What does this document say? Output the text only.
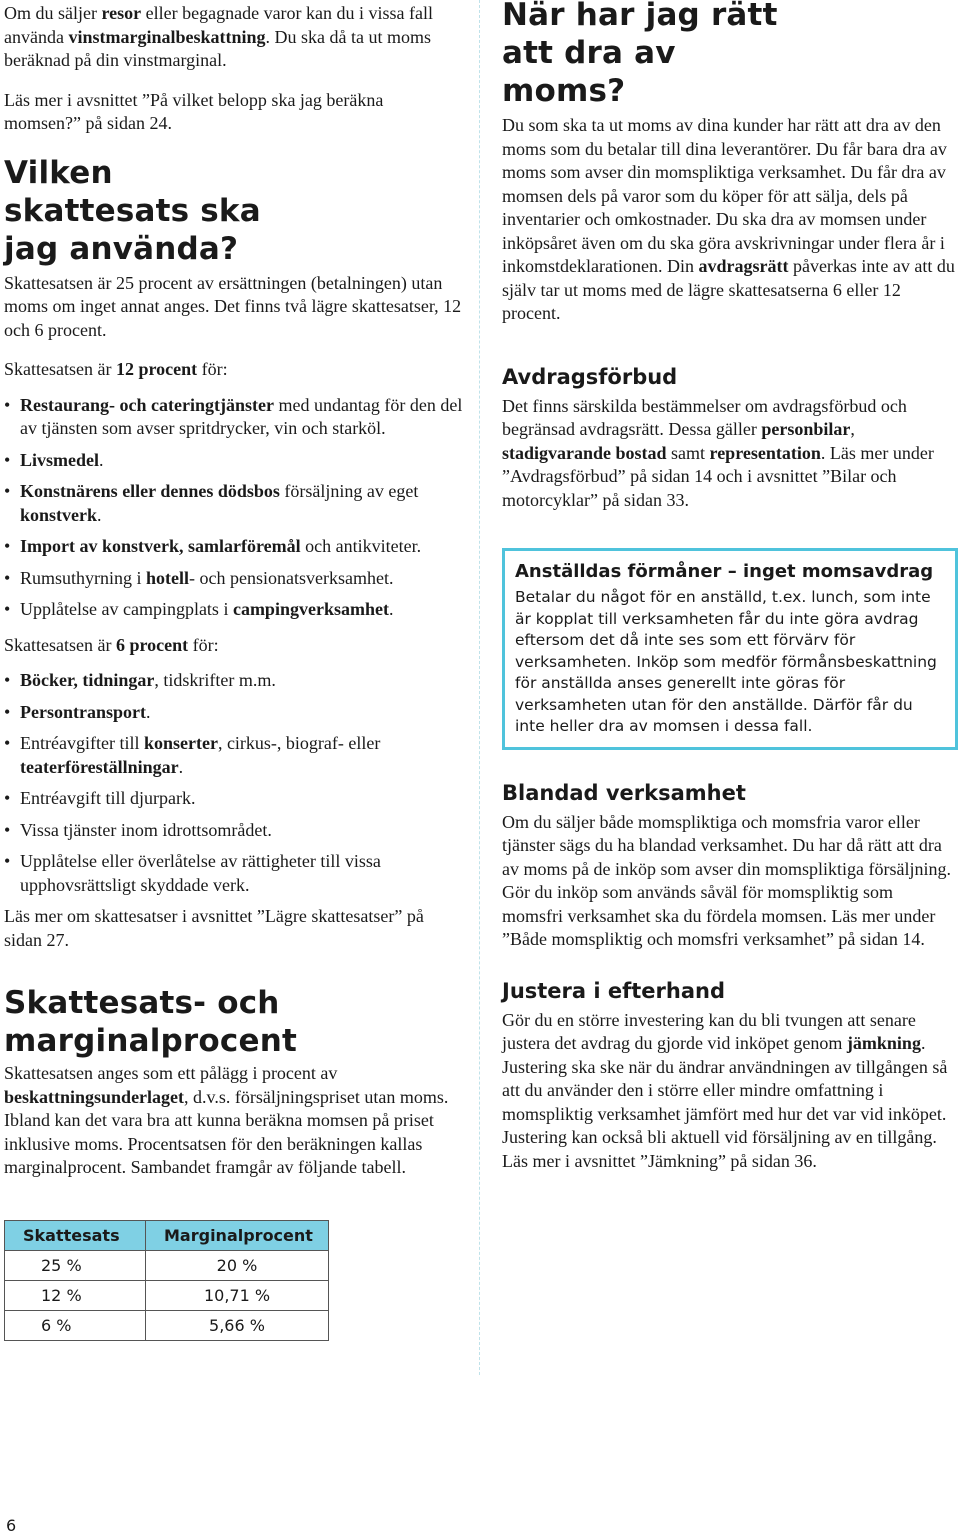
Om du säljer resor eller begagnade varor kan du i vissa fall använda vinstmarginalbeskattning. Du ska då ta ut moms beräknad på din vinstmarginal.

Läs mer i avsnittet ”På vilket belopp ska jag beräkna momsen?” på sidan 24.

Vilken skattesats ska jag använda?

Skattesatsen är 25 procent av ersättningen (betalningen) utan moms om inget annat anges. Det finns två lägre skattesatser, 12 och 6 procent.

Skattesatsen är 12 procent för:

• Restaurang- och cateringtjänster med undantag för den del av tjänsten som avser spritdrycker, vin och starköl.
• Livsmedel.
• Konstnärens eller dennes dödsbos försäljning av eget konstverk.
• Import av konstverk, samlarföremål och antikviteter.
• Rumsuthyrning i hotell- och pensionatsverksamhet.
• Upplåtelse av campingplats i campingverksamhet.

Skattesatsen är 6 procent för:

• Böcker, tidningar, tidskrifter m.m.
• Persontransport.
• Entréavgifter till konserter, cirkus-, biograf- eller teaterföreställningar.
• Entréavgift till djurpark.
• Vissa tjänster inom idrottsområdet.
• Upplåtelse eller överlåtelse av rättigheter till vissa upphovsrättsligt skyddade verk.

Läs mer om skattesatser i avsnittet ”Lägre skattesatser” på sidan 27.

Skattesats- och marginalprocent

Skattesatsen anges som ett pålägg i procent av beskattningsunderlaget, d.v.s. försäljningspriset utan moms. Ibland kan det vara bra att kunna beräkna momsen på priset inklusive moms. Procentsatsen för den beräkningen kallas marginalprocent. Sambandet framgår av följande tabell.

Skattesats	Marginalprocent
25 %	20 %
12 %	10,71 %
6 %	5,66 %
När har jag rätt att dra av moms?

Du som ska ta ut moms av dina kunder har rätt att dra av den moms som du betalar till dina leverantörer. Du får bara dra av moms som avser din momspliktiga verksamhet. Du får dra av momsen dels på varor som du köper för att sälja, dels på inventarier och omkostnader. Du ska dra av momsen under inköpsåret även om du ska göra avskrivningar under flera år i inkomstdeklarationen. Din avdragsrätt påverkas inte av att du själv tar ut moms med de lägre skattesatserna 6 eller 12 procent.

Avdragsförbud

Det finns särskilda bestämmelser om avdragsförbud och begränsad avdragsrätt. Dessa gäller personbilar, stadigvarande bostad samt representation. Läs mer under ”Avdragsförbud” på sidan 14 och i avsnittet ”Bilar och motorcyklar” på sidan 33.

Anställdas förmåner – inget momsavdrag
Betalar du något för en anställd, t.ex. lunch, som inte är kopplat till verksamheten får du inte göra avdrag eftersom det då inte ses som ett förvärv för verksamheten. Inköp som medför förmånsbeskattning för anställda anses generellt inte göras för verksamheten utan för den anställde. Därför får du inte heller dra av momsen i dessa fall.
Blandad verksamhet

Om du säljer både momspliktiga och momsfria varor eller tjänster sägs du ha blandad verksamhet. Du har då rätt att dra av moms på de inköp som avser din momspliktiga försäljning. Gör du inköp som används såväl för momspliktig som momsfri verksamhet ska du fördela momsen. Läs mer under ”Både momspliktig och momsfri verksamhet” på sidan 14.

Justera i efterhand

Gör du en större investering kan du bli tvungen att senare justera det avdrag du gjorde vid inköpet genom jämkning. Justering ska ske när du ändrar användningen av tillgången så att du använder den i större eller mindre omfattning i momspliktig verksamhet jämfört med hur det var vid inköpet. Justering kan också bli aktuell vid försäljning av en tillgång. Läs mer i avsnittet ”Jämkning” på sidan 36.

6
